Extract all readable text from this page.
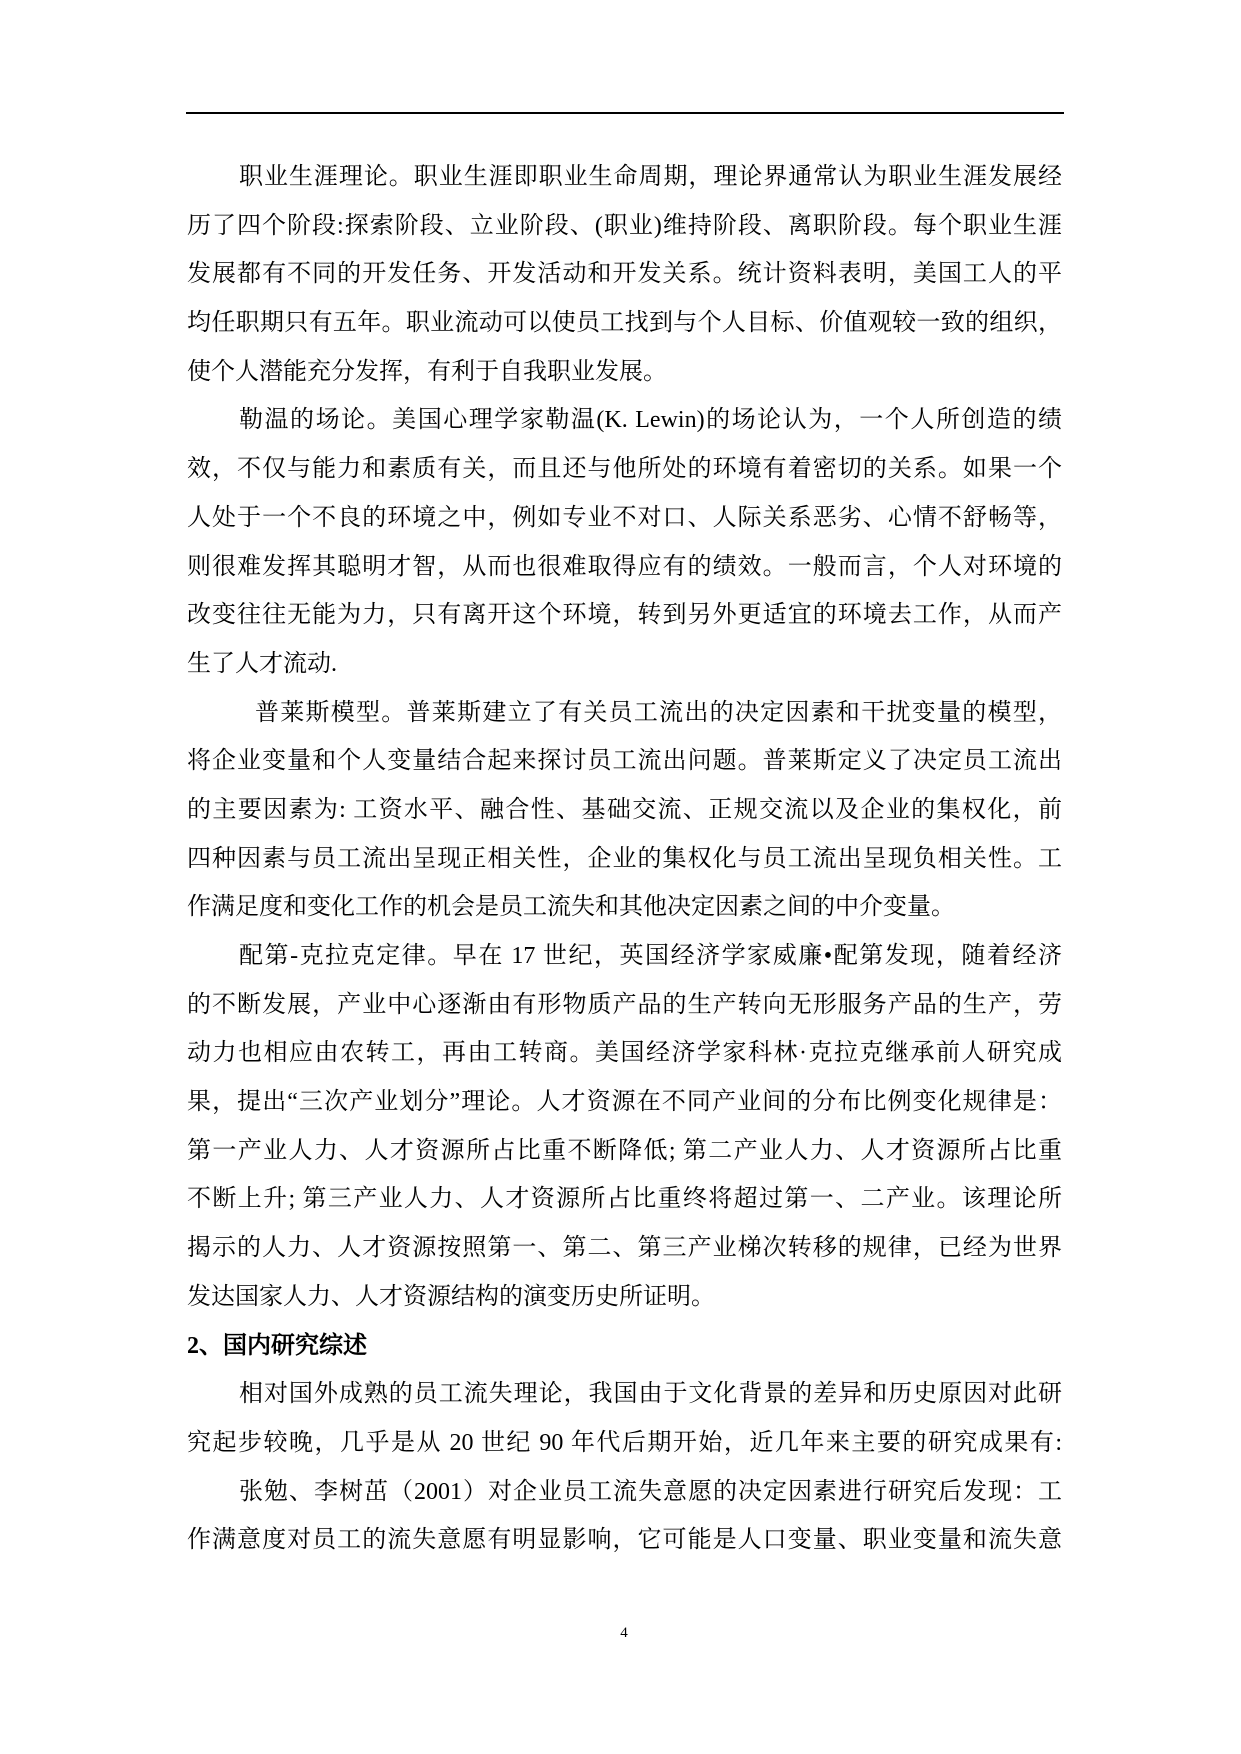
职业生涯理论。职业生涯即职业生命周期，理论界通常认为职业生涯发展经
历了四个阶段:探索阶段、立业阶段、(职业)维持阶段、离职阶段。每个职业生涯
发展都有不同的开发任务、开发活动和开发关系。统计资料表明，美国工人的平
均任职期只有五年。职业流动可以使员工找到与个人目标、价值观较一致的组织，
使个人潜能充分发挥，有利于自我职业发展。
勒温的场论。美国心理学家勒温(K. Lewin)的场论认为，一个人所创造的绩
效，不仅与能力和素质有关，而且还与他所处的环境有着密切的关系。如果一个
人处于一个不良的环境之中，例如专业不对口、人际关系恶劣、心情不舒畅等，
则很难发挥其聪明才智，从而也很难取得应有的绩效。一般而言，个人对环境的
改变往往无能为力，只有离开这个环境，转到另外更适宜的环境去工作，从而产
生了人才流动.
普莱斯模型。普莱斯建立了有关员工流出的决定因素和干扰变量的模型，
将企业变量和个人变量结合起来探讨员工流出问题。普莱斯定义了决定员工流出
的主要因素为: 工资水平、融合性、基础交流、正规交流以及企业的集权化，前
四种因素与员工流出呈现正相关性，企业的集权化与员工流出呈现负相关性。工
作满足度和变化工作的机会是员工流失和其他决定因素之间的中介变量。
配第-克拉克定律。早在 17 世纪，英国经济学家威廉•配第发现，随着经济
的不断发展，产业中心逐渐由有形物质产品的生产转向无形服务产品的生产，劳
动力也相应由农转工，再由工转商。美国经济学家科林·克拉克继承前人研究成
果，提出“三次产业划分”理论。人才资源在不同产业间的分布比例变化规律是：
第一产业人力、人才资源所占比重不断降低; 第二产业人力、人才资源所占比重
不断上升; 第三产业人力、人才资源所占比重终将超过第一、二产业。该理论所
揭示的人力、人才资源按照第一、第二、第三产业梯次转移的规律，已经为世界
发达国家人力、人才资源结构的演变历史所证明。
2、国内研究综述
相对国外成熟的员工流失理论，我国由于文化背景的差异和历史原因对此研
究起步较晚，几乎是从 20 世纪 90 年代后期开始，近几年来主要的研究成果有:
张勉、李树茁（2001）对企业员工流失意愿的决定因素进行研究后发现：工
作满意度对员工的流失意愿有明显影响，它可能是人口变量、职业变量和流失意
4
